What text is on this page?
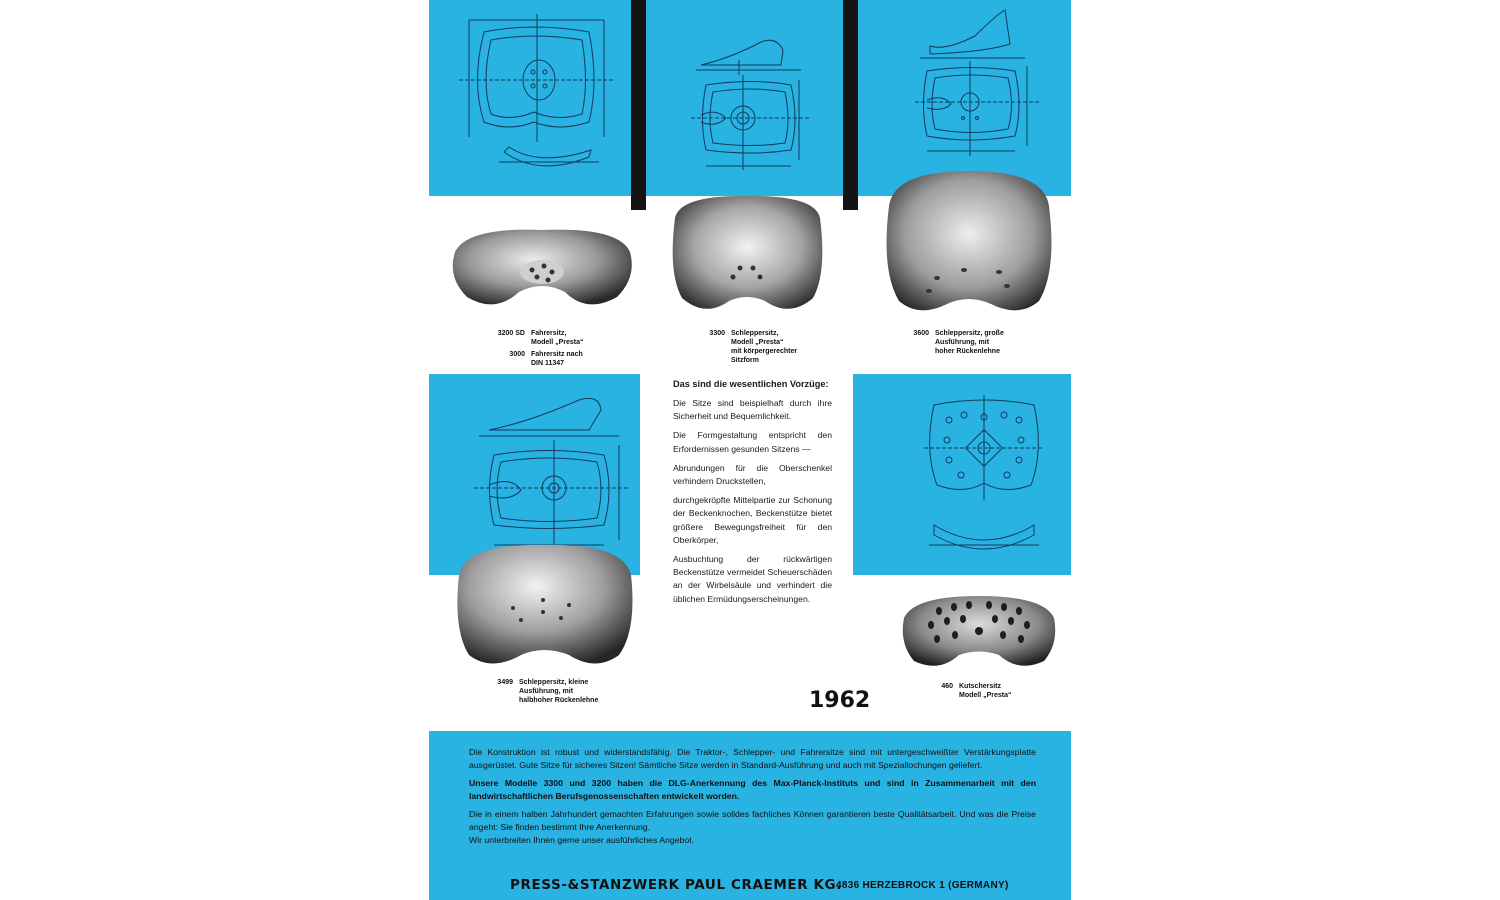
3200 SD Fahrersitz,
Modell „Presta“
3000 Fahrersitz nach
DIN 11347
3300 Schleppersitz,
Modell „Presta“
mit körpergerechter
Sitzform
3600 Schleppersitz, große
Ausführung, mit
hoher Rückenlehne
3499 Schleppersitz, kleine
Ausführung, mit
halbhoher Rückenlehne
460 Kutschersitz
Modell „Presta“
Das sind die wesentlichen Vorzüge:

Die Sitze sind beispielhaft durch ihre Sicherheit und Bequemlichkeit.

Die Formgestaltung entspricht den Erfordernissen gesunden Sitzens —

Abrundungen für die Oberschenkel verhindern Druckstellen,

durchgekröpfte Mittelpartie zur Schonung der Beckenknochen, Beckenstütze bietet größere Bewegungsfreiheit für den Oberkörper,

Ausbuchtung der rückwärtigen Beckenstütze vermeidet Scheuerschäden an der Wirbelsäule und verhindert die üblichen Ermüdungserscheinungen.

1962

Die Konstruktion ist robust und widerstandsfähig. Die Traktor-, Schlepper- und Fahrersitze sind mit untergeschweißter Verstärkungsplatte ausgerüstet. Gute Sitze für sicheres Sitzen! Sämtliche Sitze werden in Standard-Ausführung und auch mit Speziallochungen geliefert.

Unsere Modelle 3300 und 3200 haben die DLG-Anerkennung des Max-Planck-Instituts und sind in Zusammenarbeit mit den landwirtschaftlichen Berufsgenossenschaften entwickelt worden.

Die in einem halben Jahrhundert gemachten Erfahrungen sowie solides fachliches Können garantieren beste Qualitätsarbeit. Und was die Preise angeht: Sie finden bestimmt Ihre Anerkennung.

Wir unterbreiten Ihnen gerne unser ausführliches Angebot.

PRESS-&STANZWERK PAUL CRAEMER KG.
4836 HERZEBROCK 1 (GERMANY)
